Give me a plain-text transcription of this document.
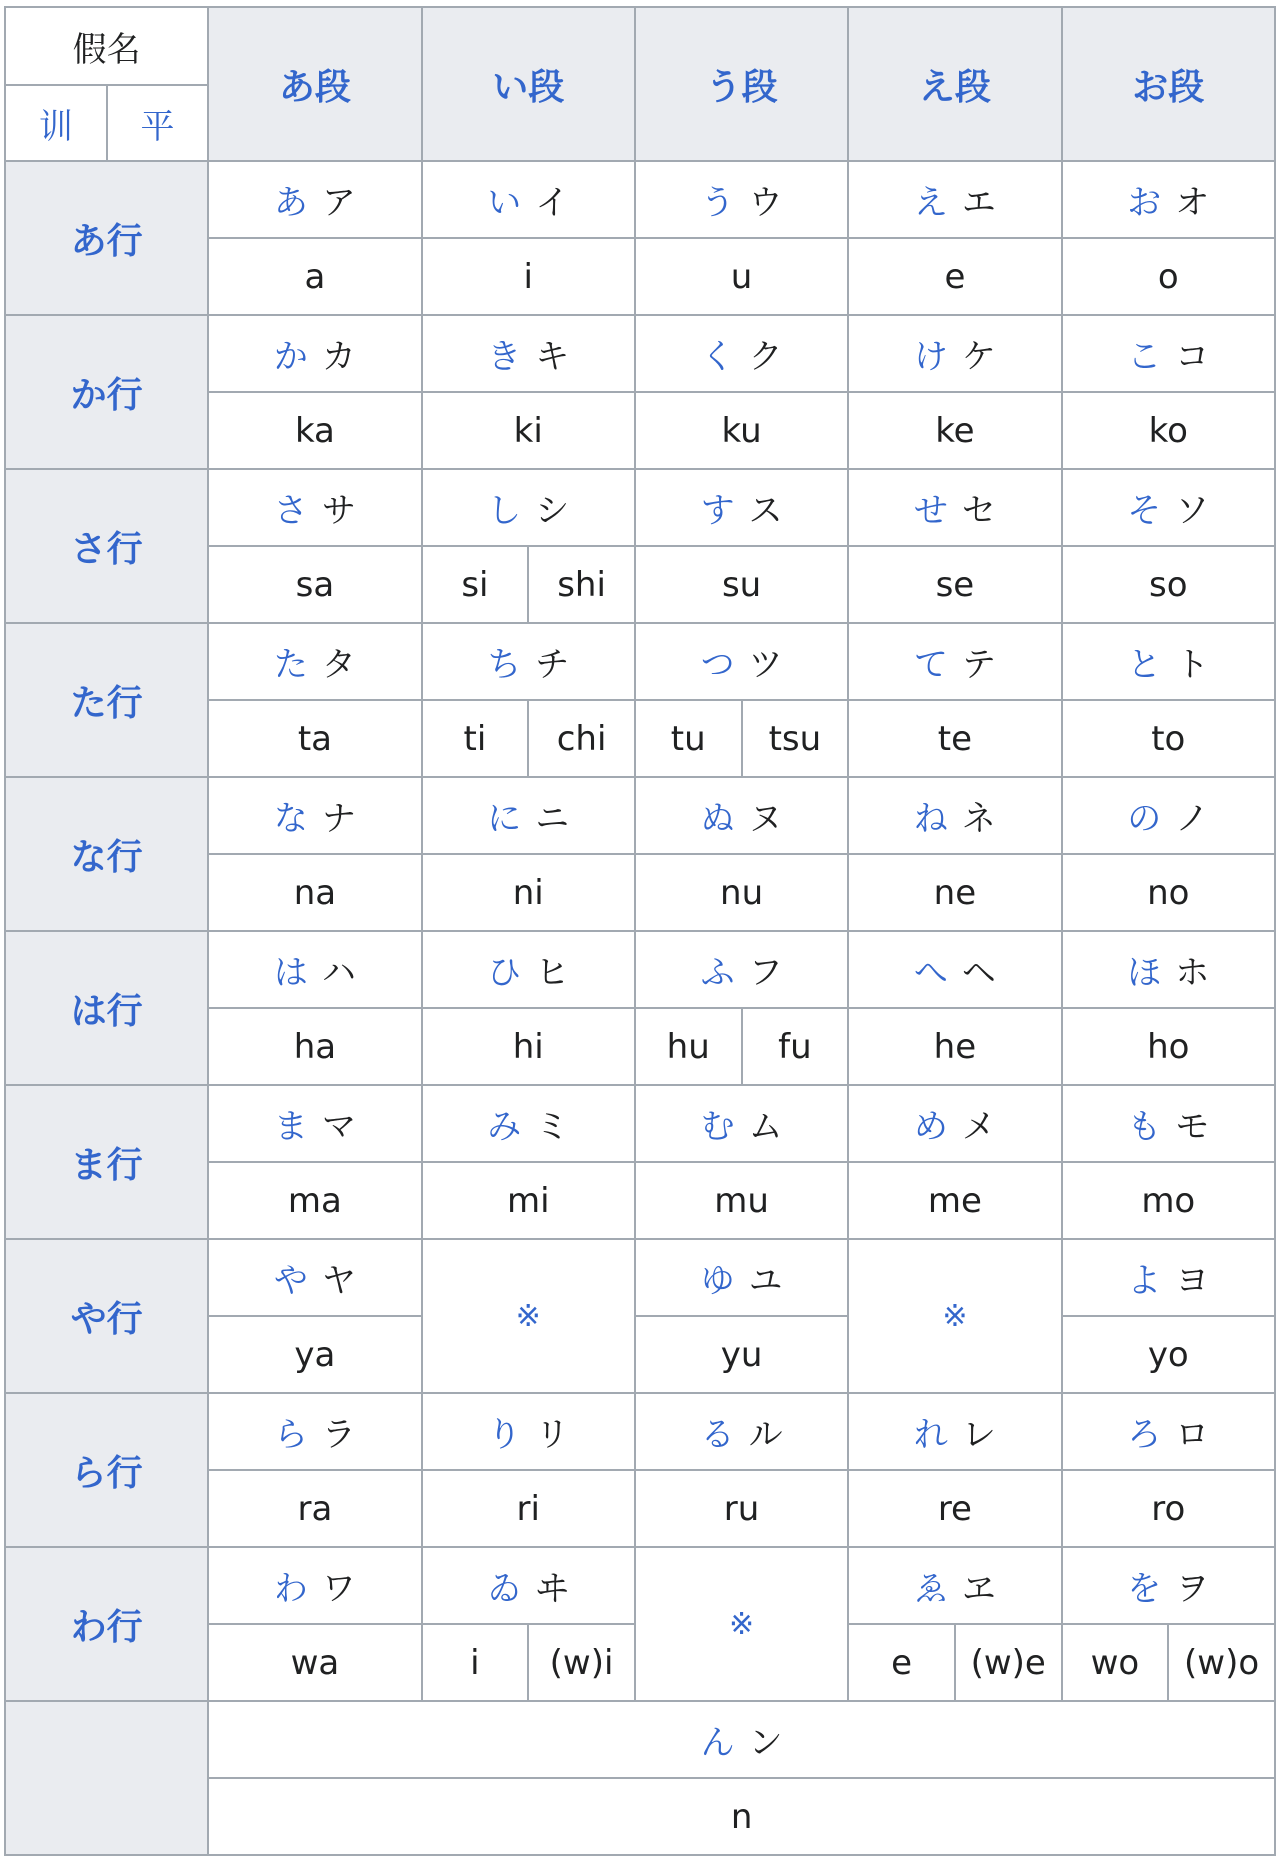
假名		あ段	い段		う段		え段		お段	
训	平									
あ行		あ ア	い イ		う ウ		え エ		お オ	
		a	i		u		e		o	
か行		か カ	き キ		く ク		け ケ		こ コ	
		ka	ki		ku		ke		ko	
さ行		さ サ	し シ		す ス		せ セ		そ ソ	
		sa	si	shi	su		se		so	
た行		た タ	ち チ		つ ツ		て テ		と ト	
		ta	ti	chi	tu	tsu	te		to	
な行		な ナ	に ニ		ぬ ヌ		ね ネ		の ノ	
		na	ni		nu		ne		no	
は行		は ハ	ひ ヒ		ふ フ		へ ヘ		ほ ホ	
		ha	hi		hu	fu	he		ho	
ま行		ま マ	み ミ		む ム		め メ		も モ	
		ma	mi		mu		me		mo	
や行		や ヤ	※		ゆ ユ		※		よ ヨ	
		ya			yu				yo	
ら行		ら ラ	り リ		る ル		れ レ		ろ ロ	
		ra	ri		ru		re		ro	
わ行		わ ワ	ゐ ヰ		※		ゑ ヱ		を ヲ	
		wa	i	(w)i			e	(w)e	wo	(w)o
		ん ン								
		n								
